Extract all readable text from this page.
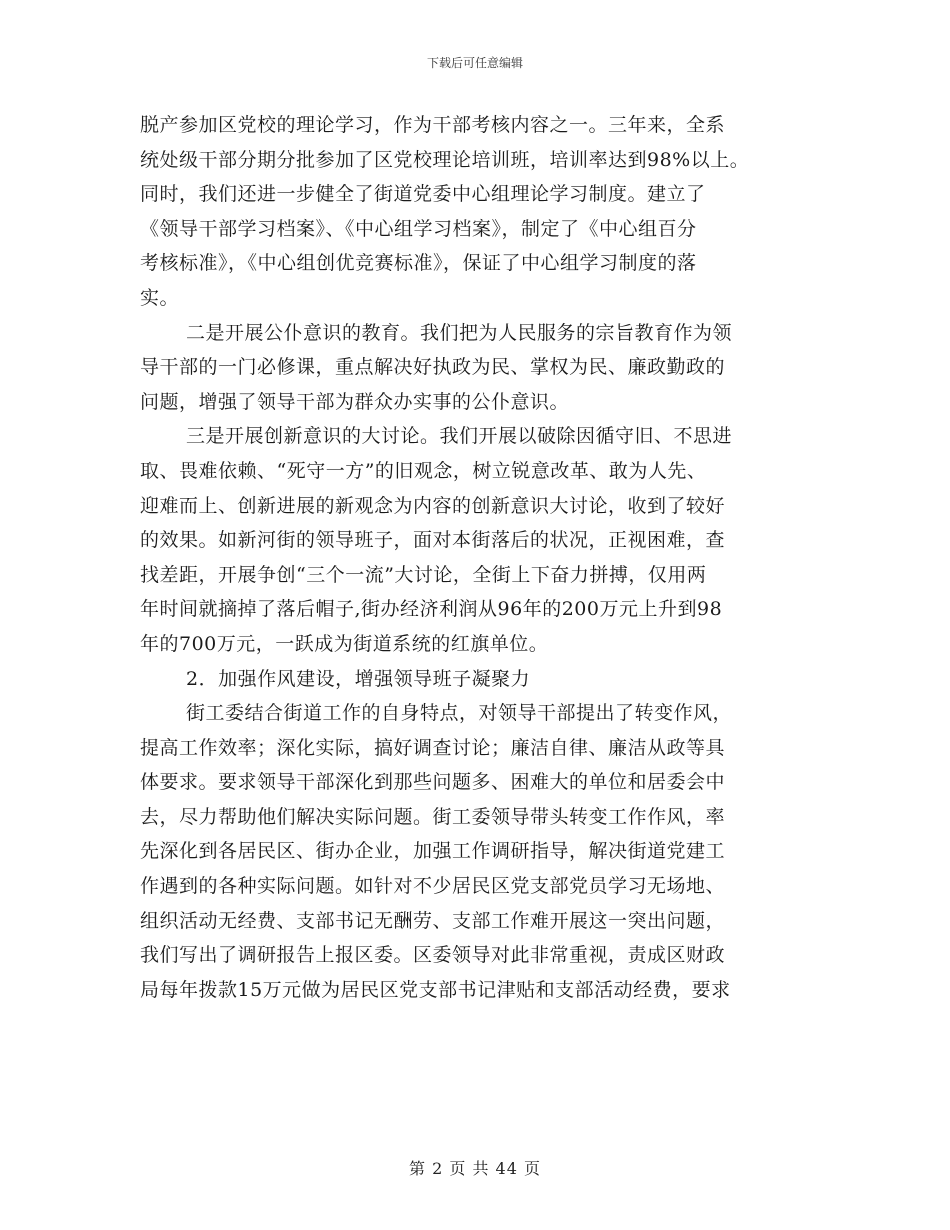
下载后可任意编辑
脱产参加区党校的理论学习，作为干部考核内容之一。三年来，全系
统处级干部分期分批参加了区党校理论培训班，培训率达到98%以上。
同时，我们还进一步健全了街道党委中心组理论学习制度。建立了
《领导干部学习档案》、《中心组学习档案》，制定了《中心组百分
考核标准》，《中心组创优竞赛标准》，保证了中心组学习制度的落
实。
二是开展公仆意识的教育。我们把为人民服务的宗旨教育作为领
导干部的一门必修课，重点解决好执政为民、掌权为民、廉政勤政的
问题，增强了领导干部为群众办实事的公仆意识。
三是开展创新意识的大讨论。我们开展以破除因循守旧、不思进
取、畏难依赖、“死守一方”的旧观念，树立锐意改革、敢为人先、
迎难而上、创新进展的新观念为内容的创新意识大讨论，收到了较好
的效果。如新河街的领导班子，面对本街落后的状况，正视困难，查
找差距，开展争创“三个一流”大讨论，全街上下奋力拼搏，仅用两
年时间就摘掉了落后帽子,街办经济利润从96年的200万元上升到98
年的700万元，一跃成为街道系统的红旗单位。
2．加强作风建设，增强领导班子凝聚力
街工委结合街道工作的自身特点，对领导干部提出了转变作风，
提高工作效率；深化实际，搞好调查讨论；廉洁自律、廉洁从政等具
体要求。要求领导干部深化到那些问题多、困难大的单位和居委会中
去，尽力帮助他们解决实际问题。街工委领导带头转变工作作风，率
先深化到各居民区、街办企业，加强工作调研指导，解决街道党建工
作遇到的各种实际问题。如针对不少居民区党支部党员学习无场地、
组织活动无经费、支部书记无酬劳、支部工作难开展这一突出问题，
我们写出了调研报告上报区委。区委领导对此非常重视，责成区财政
局每年拨款15万元做为居民区党支部书记津贴和支部活动经费，要求
第 2 页 共 44 页
